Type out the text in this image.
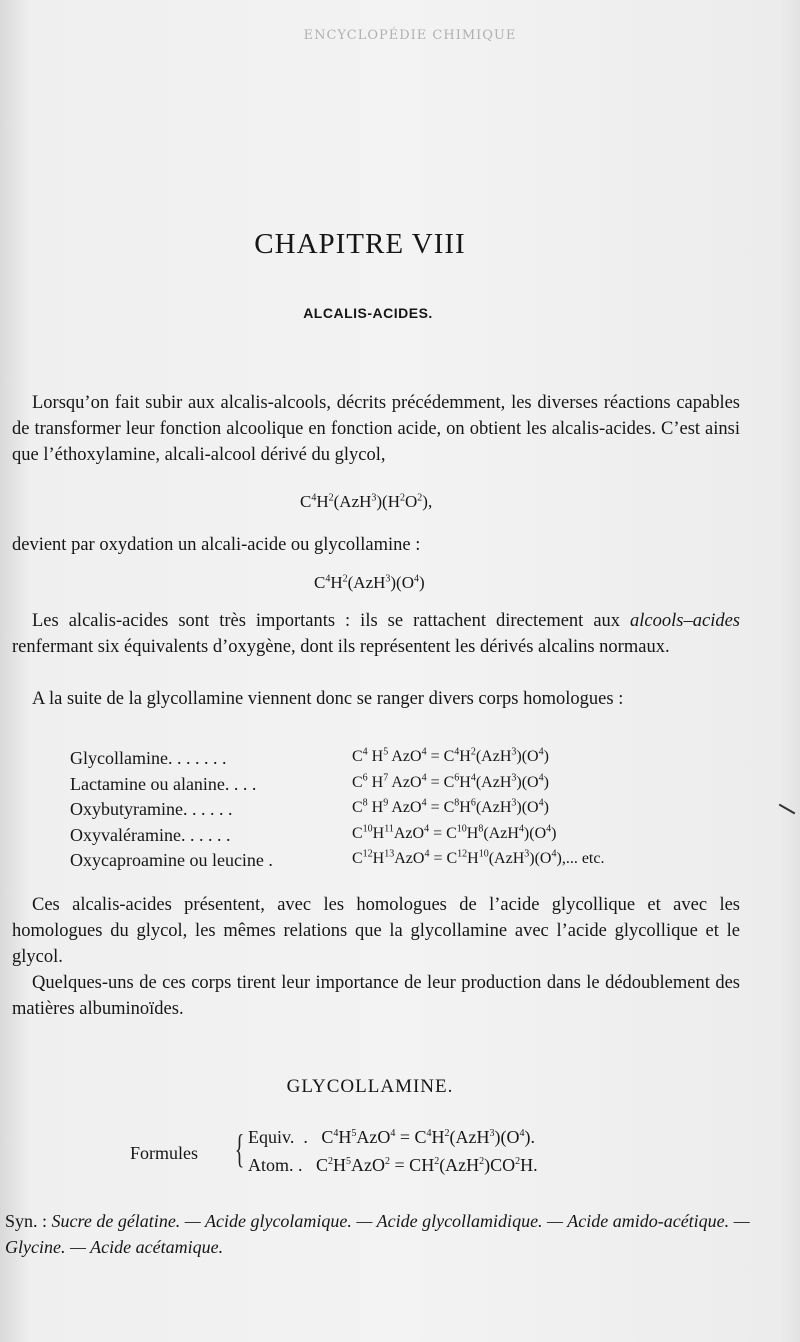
ENCYCLOPÉDIE CHIMIQUE
CHAPITRE VIII
ALCALIS-ACIDES.
Lorsqu’on fait subir aux alcalis-alcools, décrits précédemment, les diverses réactions capables de transformer leur fonction alcoolique en fonction acide, on obtient les alcalis-acides. C’est ainsi que l’éthoxylamine, alcali-alcool dérivé du glycol,
$C^4H^2(AzH^3)(H^2O^2)$,
devient par oxydation un alcali-acide ou glycollamine :
$C^4H^2(AzH^3)(O^4)$
Les alcalis-acides sont très importants : ils se rattachent directement aux alcools–acides renfermant six équivalents d’oxygène, dont ils représentent les dérivés alcalins normaux.
A la suite de la glycollamine viennent donc se ranger divers corps homologues :
Glycollamine. . . . . . .	$C^4$ $H^5$ $AzO^4 = C^4H^2(AzH^3)(O^4)$
Lactamine ou alanine. . . .	$C^6$ $H^7$ $AzO^4 = C^6H^4(AzH^3)(O^4)$
Oxybutyramine. . . . . .	$C^8$ $H^9$ $AzO^4 = C^8H^6(AzH^3)(O^4)$
Oxyvaléramine. . . . . .	$C^{10}H^{11}AzO^4 = C^{10}H^8(AzH^4)(O^4)$
Oxycaproamine ou leucine .	$C^{12}H^{13}AzO^4 = C^{12}H^{10}(AzH^3)(O^4)$,... etc.
Ces alcalis-acides présentent, avec les homologues de l’acide glycollique et avec les homologues du glycol, les mêmes relations que la glycollamine avec l’acide glycollique et le glycol.
Quelques-uns de ces corps tirent leur importance de leur production dans le dédoublement des matières albuminoïdes.
GLYCOLLAMINE.
Formules { Equiv.  .   $C^4H^5AzO^4 = C^4H^2(AzH^3)(O^4)$.
Atom. .   $C^2H^5AzO^2 = CH^2(AzH^2)CO^2H$.
Syn. : Sucre de gélatine. — Acide glycolamique. — Acide glycollamidique. — Acide amido-acétique. — Glycine. — Acide acétamique.
